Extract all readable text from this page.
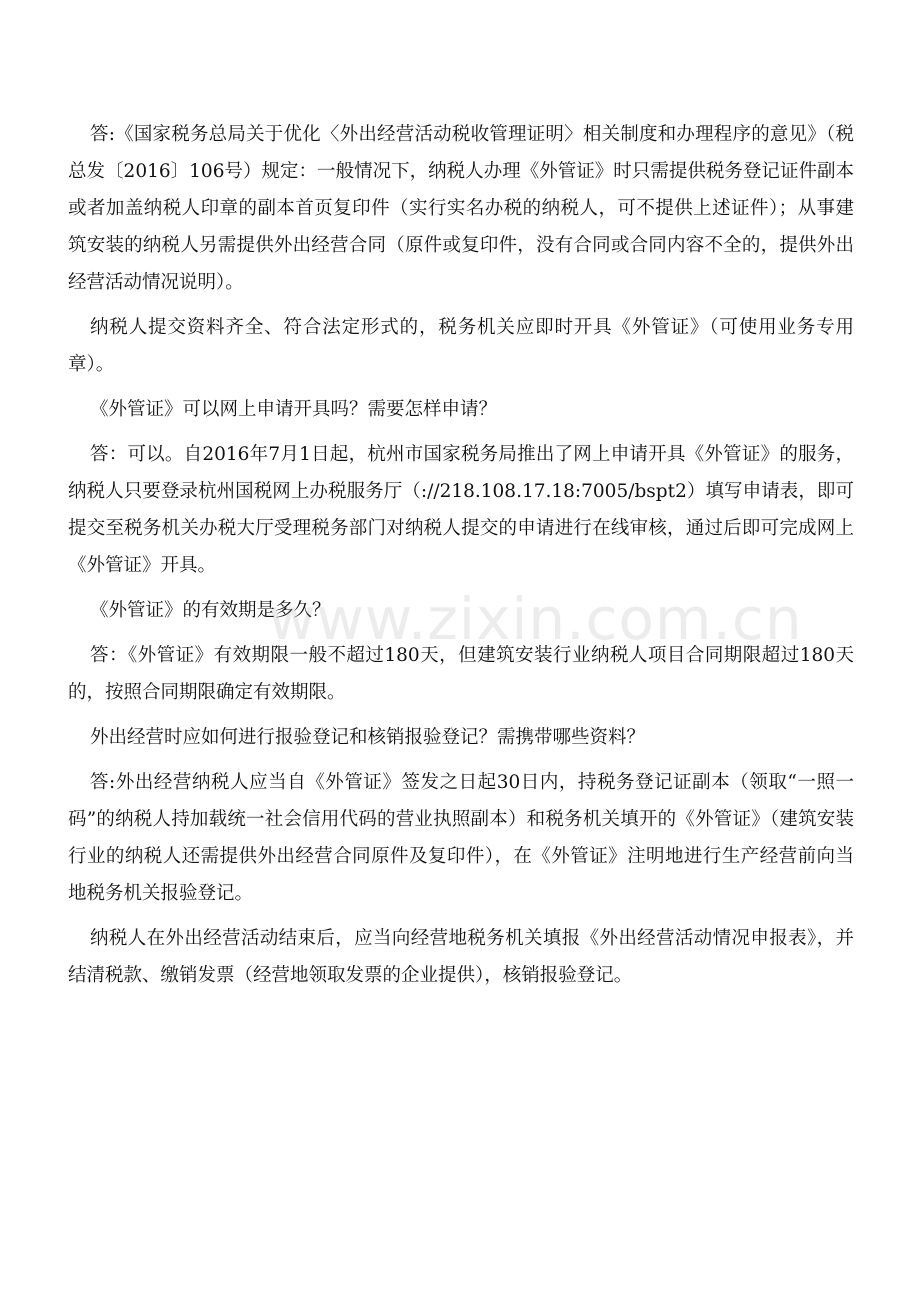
答:《国家税务总局关于优化〈外出经营活动税收管理证明〉相关制度和办理程序的意见》（税总发〔2016〕106号）规定：一般情况下，纳税人办理《外管证》时只需提供税务登记证件副本或者加盖纳税人印章的副本首页复印件（实行实名办税的纳税人，可不提供上述证件）；从事建筑安装的纳税人另需提供外出经营合同（原件或复印件，没有合同或合同内容不全的，提供外出经营活动情况说明）。

纳税人提交资料齐全、符合法定形式的，税务机关应即时开具《外管证》（可使用业务专用章）。

《外管证》可以网上申请开具吗？需要怎样申请？

答：可以。自2016年7月1日起，杭州市国家税务局推出了网上申请开具《外管证》的服务，纳税人只要登录杭州国税网上办税服务厅（://218.108.17.18:7005/bspt2）填写申请表，即可提交至税务机关办税大厅受理税务部门对纳税人提交的申请进行在线审核，通过后即可完成网上《外管证》开具。

《外管证》的有效期是多久？

答：《外管证》有效期限一般不超过180天，但建筑安装行业纳税人项目合同期限超过180天的，按照合同期限确定有效期限。

外出经营时应如何进行报验登记和核销报验登记？需携带哪些资料？

答:外出经营纳税人应当自《外管证》签发之日起30日内，持税务登记证副本（领取“一照一码”的纳税人持加载统一社会信用代码的营业执照副本）和税务机关填开的《外管证》（建筑安装行业的纳税人还需提供外出经营合同原件及复印件），在《外管证》注明地进行生产经营前向当地税务机关报验登记。

纳税人在外出经营活动结束后，应当向经营地税务机关填报《外出经营活动情况申报表》，并结清税款、缴销发票（经营地领取发票的企业提供），核销报验登记。

www.zixin.com.cn
